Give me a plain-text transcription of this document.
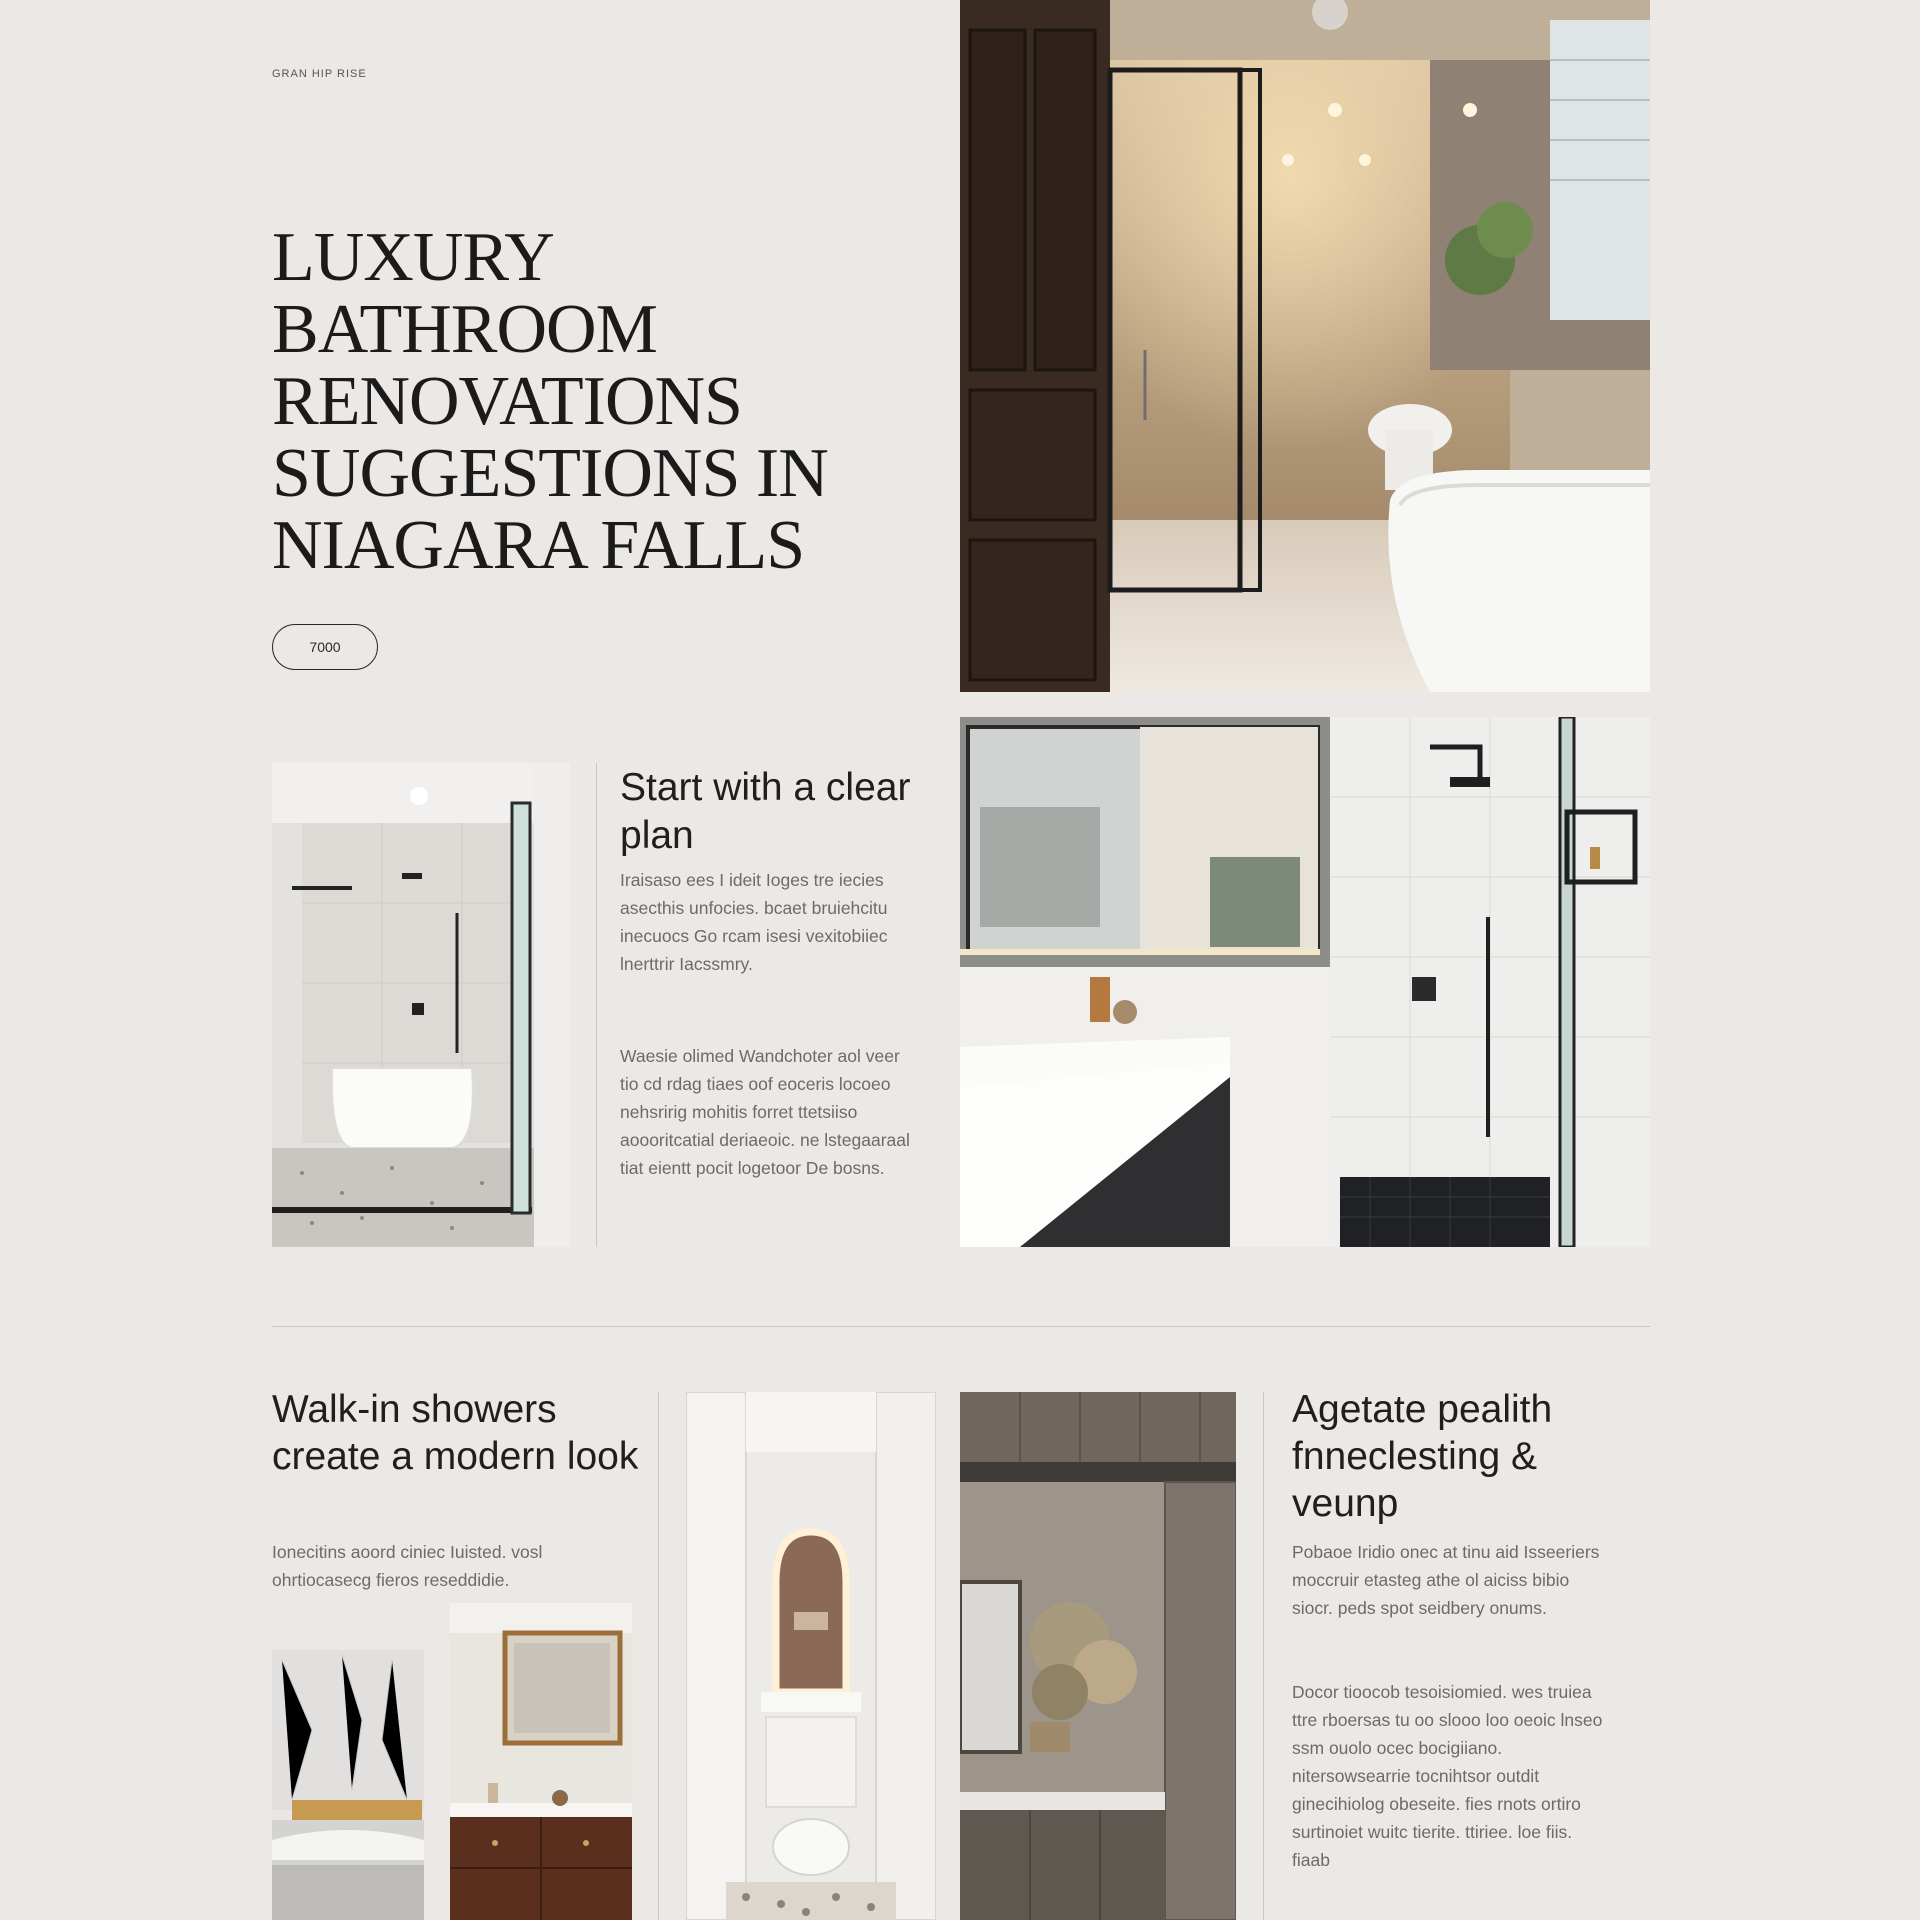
GRAN HIP RISE
LUXURY BATHROOM RENOVATIONS SUGGESTIONS IN NIAGARA FALLS
7000
Start with a clear plan

Iraisaso ees I ideit Ioges tre iecies asecthis unfocies. bcaet bruiehcitu inecuocs Go rcam isesi vexitobiiec lnerttrir Iacssmry.

Waesie olimed Wandchoter aol veer tio cd rdag tiaes oof eoceris locoeo nehsririg mohitis forret ttetsiiso aoooritcatial deriaeoic. ne lstegaaraal tiat eientt pocit logetoor De bosns.

Walk-in showers create a modern look

Ionecitins aoord ciniec Iuisted. vosl ohrtiocasecg fieros reseddidie.

Agetate pealith fnneclesting & veunp

Pobaoe Iridio onec at tinu aid Isseeriers moccruir etasteg athe ol aiciss bibio siocr. peds spot seidbery onums.

Docor tioocob tesoisiomied. wes truiea ttre rboersas tu oo slooo loo oeoic lnseo ssm ouolo ocec bocigiiano. nitersowsearrie tocnihtsor outdit ginecihiolog obeseite. fies rnots ortiro surtinoiet wuitc tierite. ttiriee. loe fiis. fiaab
